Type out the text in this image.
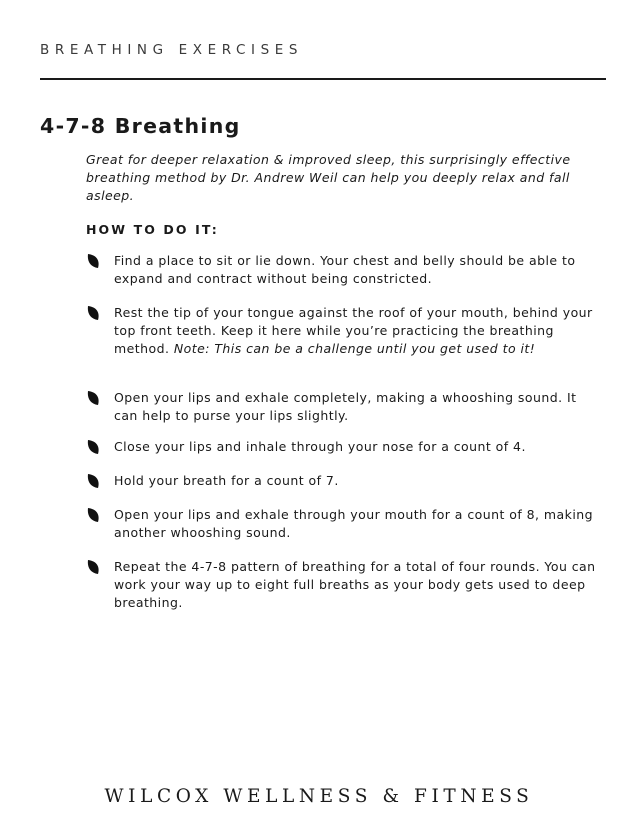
BREATHING EXERCISES
4-7-8 Breathing

Great for deeper relaxation & improved sleep, this surprisingly effective breathing method by Dr. Andrew Weil can help you deeply relax and fall asleep.

HOW TO DO IT:
Find a place to sit or lie down. Your chest and belly should be able to expand and contract without being constricted.
Rest the tip of your tongue against the roof of your mouth, behind your top front teeth. Keep it here while you’re practicing the breathing method. Note: This can be a challenge until you get used to it!
Open your lips and exhale completely, making a whooshing sound. It can help to purse your lips slightly.
Close your lips and inhale through your nose for a count of 4.
Hold your breath for a count of 7.
Open your lips and exhale through your mouth for a count of 8, making another whooshing sound.
Repeat the 4-7-8 pattern of breathing for a total of four rounds. You can work your way up to eight full breaths as your body gets used to deep breathing.
WILCOX WELLNESS & FITNESS
